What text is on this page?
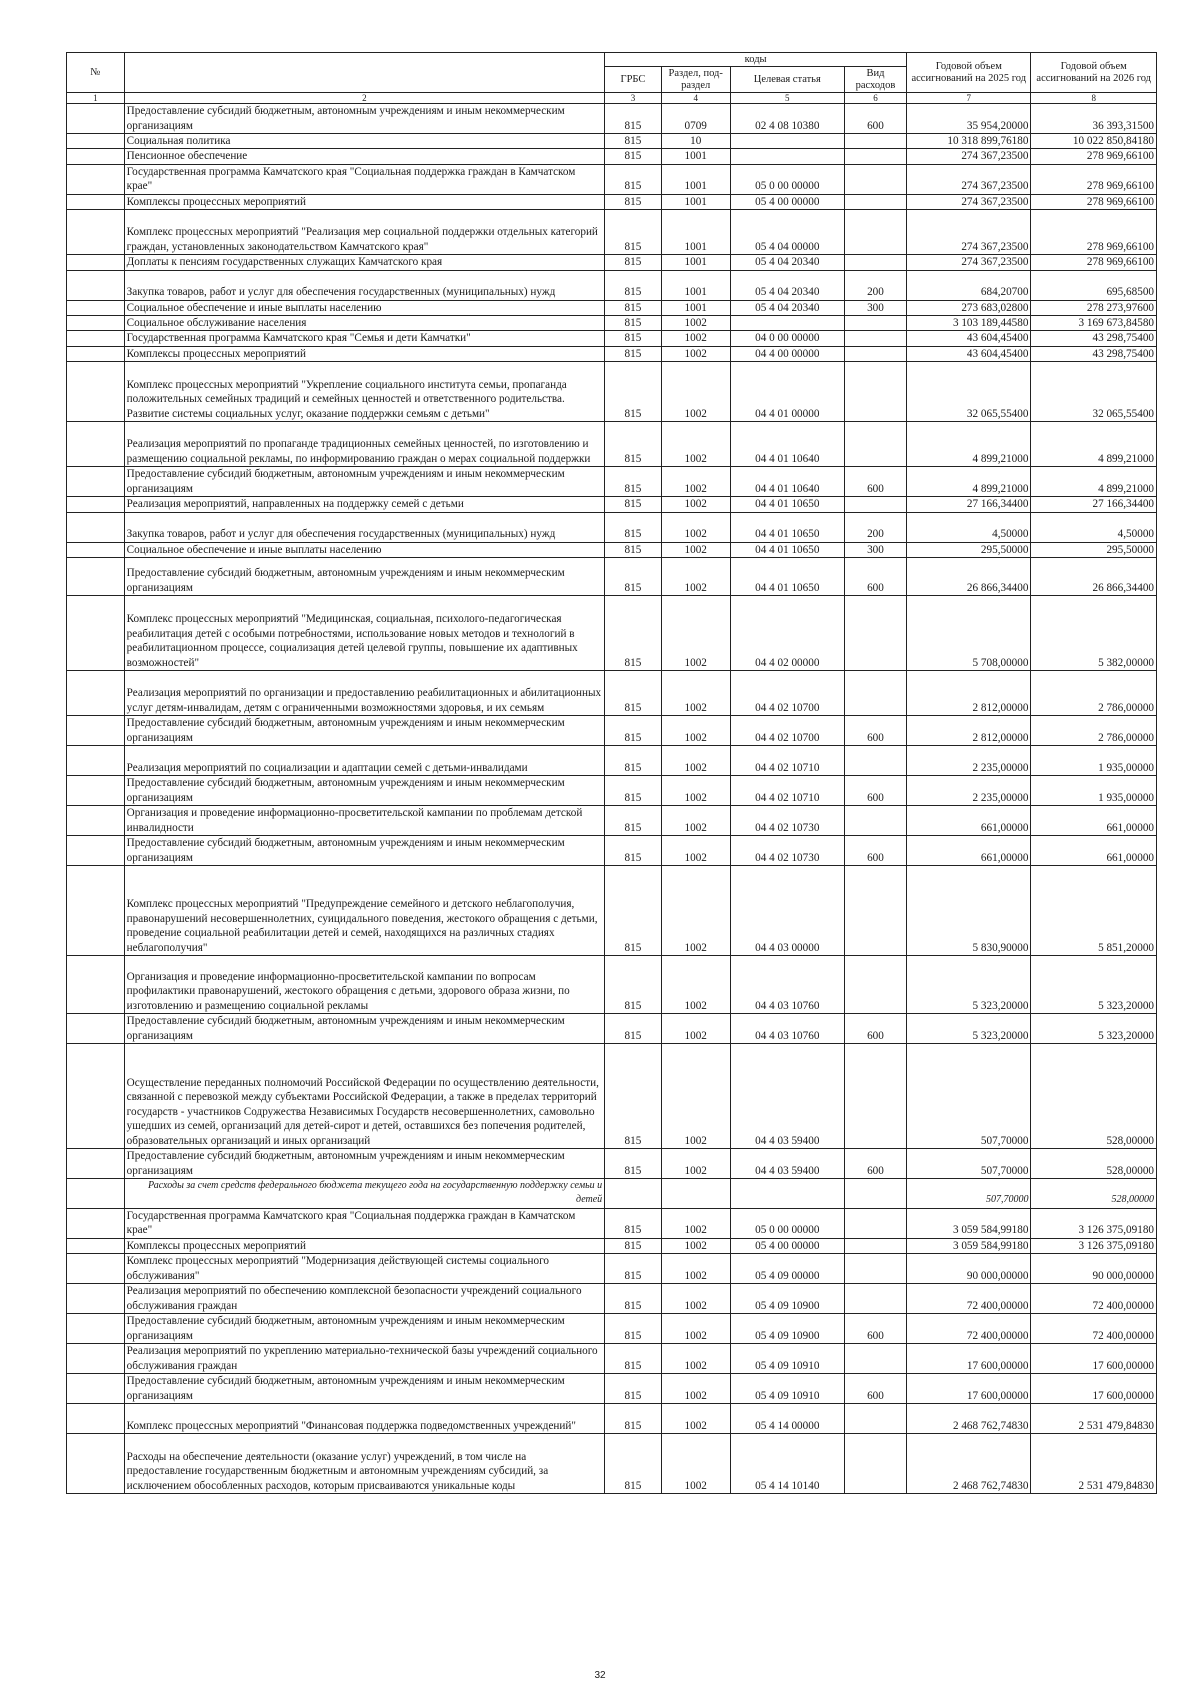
№		коды				Годовой объем ассигнований на 2025 год	Годовой объем ассигнований на 2026 год
		ГРБС	Раздел, под-раздел	Целевая статья	Вид расходов		
1	2	3	4	5	6	7	8
	Предоставление субсидий бюджетным, автономным учреждениям и иным некоммерческим организациям	815	0709	02 4 08 10380	600	35 954,20000	36 393,31500
	Социальная политика	815	10			10 318 899,76180	10 022 850,84180
	Пенсионное обеспечение	815	1001			274 367,23500	278 969,66100
	Государственная программа Камчатского края "Социальная поддержка граждан в Камчатском крае"	815	1001	05 0 00 00000		274 367,23500	278 969,66100
	Комплексы процессных мероприятий	815	1001	05 4 00 00000		274 367,23500	278 969,66100
	Комплекс процессных мероприятий "Реализация мер социальной поддержки отдельных категорий граждан, установленных законодательством Камчатского края"	815	1001	05 4 04 00000		274 367,23500	278 969,66100
	Доплаты к пенсиям государственных служащих Камчатского края	815	1001	05 4 04 20340		274 367,23500	278 969,66100
	Закупка товаров, работ и услуг для обеспечения государственных (муниципальных) нужд	815	1001	05 4 04 20340	200	684,20700	695,68500
	Социальное обеспечение и иные выплаты населению	815	1001	05 4 04 20340	300	273 683,02800	278 273,97600
	Социальное обслуживание населения	815	1002			3 103 189,44580	3 169 673,84580
	Государственная программа Камчатского края "Семья и дети Камчатки"	815	1002	04 0 00 00000		43 604,45400	43 298,75400
	Комплексы процессных мероприятий	815	1002	04 4 00 00000		43 604,45400	43 298,75400
	Комплекс процессных мероприятий "Укрепление социального института семьи, пропаганда положительных семейных традиций и семейных ценностей и ответственного родительства. Развитие системы социальных услуг, оказание поддержки семьям с детьми"	815	1002	04 4 01 00000		32 065,55400	32 065,55400
	Реализация мероприятий по пропаганде традиционных семейных ценностей, по изготовлению и размещению социальной рекламы, по информированию граждан о мерах социальной поддержки	815	1002	04 4 01 10640		4 899,21000	4 899,21000
	Предоставление субсидий бюджетным, автономным учреждениям и иным некоммерческим организациям	815	1002	04 4 01 10640	600	4 899,21000	4 899,21000
	Реализация мероприятий, направленных на поддержку семей с детьми	815	1002	04 4 01 10650		27 166,34400	27 166,34400
	Закупка товаров, работ и услуг для обеспечения государственных (муниципальных) нужд	815	1002	04 4 01 10650	200	4,50000	4,50000
	Социальное обеспечение и иные выплаты населению	815	1002	04 4 01 10650	300	295,50000	295,50000
	Предоставление субсидий бюджетным, автономным учреждениям и иным некоммерческим организациям	815	1002	04 4 01 10650	600	26 866,34400	26 866,34400
	Комплекс процессных мероприятий "Медицинская, социальная, психолого-педагогическая реабилитация детей с особыми потребностями, использование новых методов и технологий в реабилитационном процессе, социализация детей целевой группы, повышение их адаптивных возможностей"	815	1002	04 4 02 00000		5 708,00000	5 382,00000
	Реализация мероприятий по организации и предоставлению реабилитационных и абилитационных услуг детям-инвалидам, детям с ограниченными возможностями здоровья, и их семьям	815	1002	04 4 02 10700		2 812,00000	2 786,00000
	Предоставление субсидий бюджетным, автономным учреждениям и иным некоммерческим организациям	815	1002	04 4 02 10700	600	2 812,00000	2 786,00000
	Реализация мероприятий по социализации и адаптации семей с детьми-инвалидами	815	1002	04 4 02 10710		2 235,00000	1 935,00000
	Предоставление субсидий бюджетным, автономным учреждениям и иным некоммерческим организациям	815	1002	04 4 02 10710	600	2 235,00000	1 935,00000
	Организация и проведение информационно-просветительской кампании по проблемам детской инвалидности	815	1002	04 4 02 10730		661,00000	661,00000
	Предоставление субсидий бюджетным, автономным учреждениям и иным некоммерческим организациям	815	1002	04 4 02 10730	600	661,00000	661,00000
	Комплекс процессных мероприятий "Предупреждение семейного и детского неблагополучия, правонарушений несовершеннолетних, суицидального поведения, жестокого обращения с детьми, проведение социальной реабилитации детей и семей, находящихся на различных стадиях неблагополучия"	815	1002	04 4 03 00000		5 830,90000	5 851,20000
	Организация и проведение информационно-просветительской кампании по вопросам профилактики правонарушений, жестокого обращения с детьми, здорового образа жизни, по изготовлению и размещению социальной рекламы	815	1002	04 4 03 10760		5 323,20000	5 323,20000
	Предоставление субсидий бюджетным, автономным учреждениям и иным некоммерческим организациям	815	1002	04 4 03 10760	600	5 323,20000	5 323,20000
	Осуществление переданных полномочий Российской Федерации по осуществлению деятельности, связанной с перевозкой между субъектами Российской Федерации, а также в пределах территорий государств - участников Содружества Независимых Государств несовершеннолетних, самовольно ушедших из семей, организаций для детей-сирот и детей, оставшихся без попечения родителей, образовательных организаций и иных организаций	815	1002	04 4 03 59400		507,70000	528,00000
	Предоставление субсидий бюджетным, автономным учреждениям и иным некоммерческим организациям	815	1002	04 4 03 59400	600	507,70000	528,00000
	Расходы за счет средств федерального бюджета текущего года на государственную поддержку семьи и детей					507,70000	528,00000
	Государственная программа Камчатского края "Социальная поддержка граждан в Камчатском крае"	815	1002	05 0 00 00000		3 059 584,99180	3 126 375,09180
	Комплексы процессных мероприятий	815	1002	05 4 00 00000		3 059 584,99180	3 126 375,09180
	Комплекс процессных мероприятий "Модернизация действующей системы социального обслуживания"	815	1002	05 4 09 00000		90 000,00000	90 000,00000
	Реализация мероприятий по обеспечению комплексной безопасности учреждений социального обслуживания граждан	815	1002	05 4 09 10900		72 400,00000	72 400,00000
	Предоставление субсидий бюджетным, автономным учреждениям и иным некоммерческим организациям	815	1002	05 4 09 10900	600	72 400,00000	72 400,00000
	Реализация мероприятий по укреплению материально-технической базы учреждений социального обслуживания граждан	815	1002	05 4 09 10910		17 600,00000	17 600,00000
	Предоставление субсидий бюджетным, автономным учреждениям и иным некоммерческим организациям	815	1002	05 4 09 10910	600	17 600,00000	17 600,00000
	Комплекс процессных мероприятий "Финансовая поддержка подведомственных учреждений"	815	1002	05 4 14 00000		2 468 762,74830	2 531 479,84830
	Расходы на обеспечение деятельности (оказание услуг) учреждений, в том числе на предоставление государственным бюджетным и автономным учреждениям субсидий, за исключением обособленных расходов, которым присваиваются уникальные коды	815	1002	05 4 14 10140		2 468 762,74830	2 531 479,84830
32
